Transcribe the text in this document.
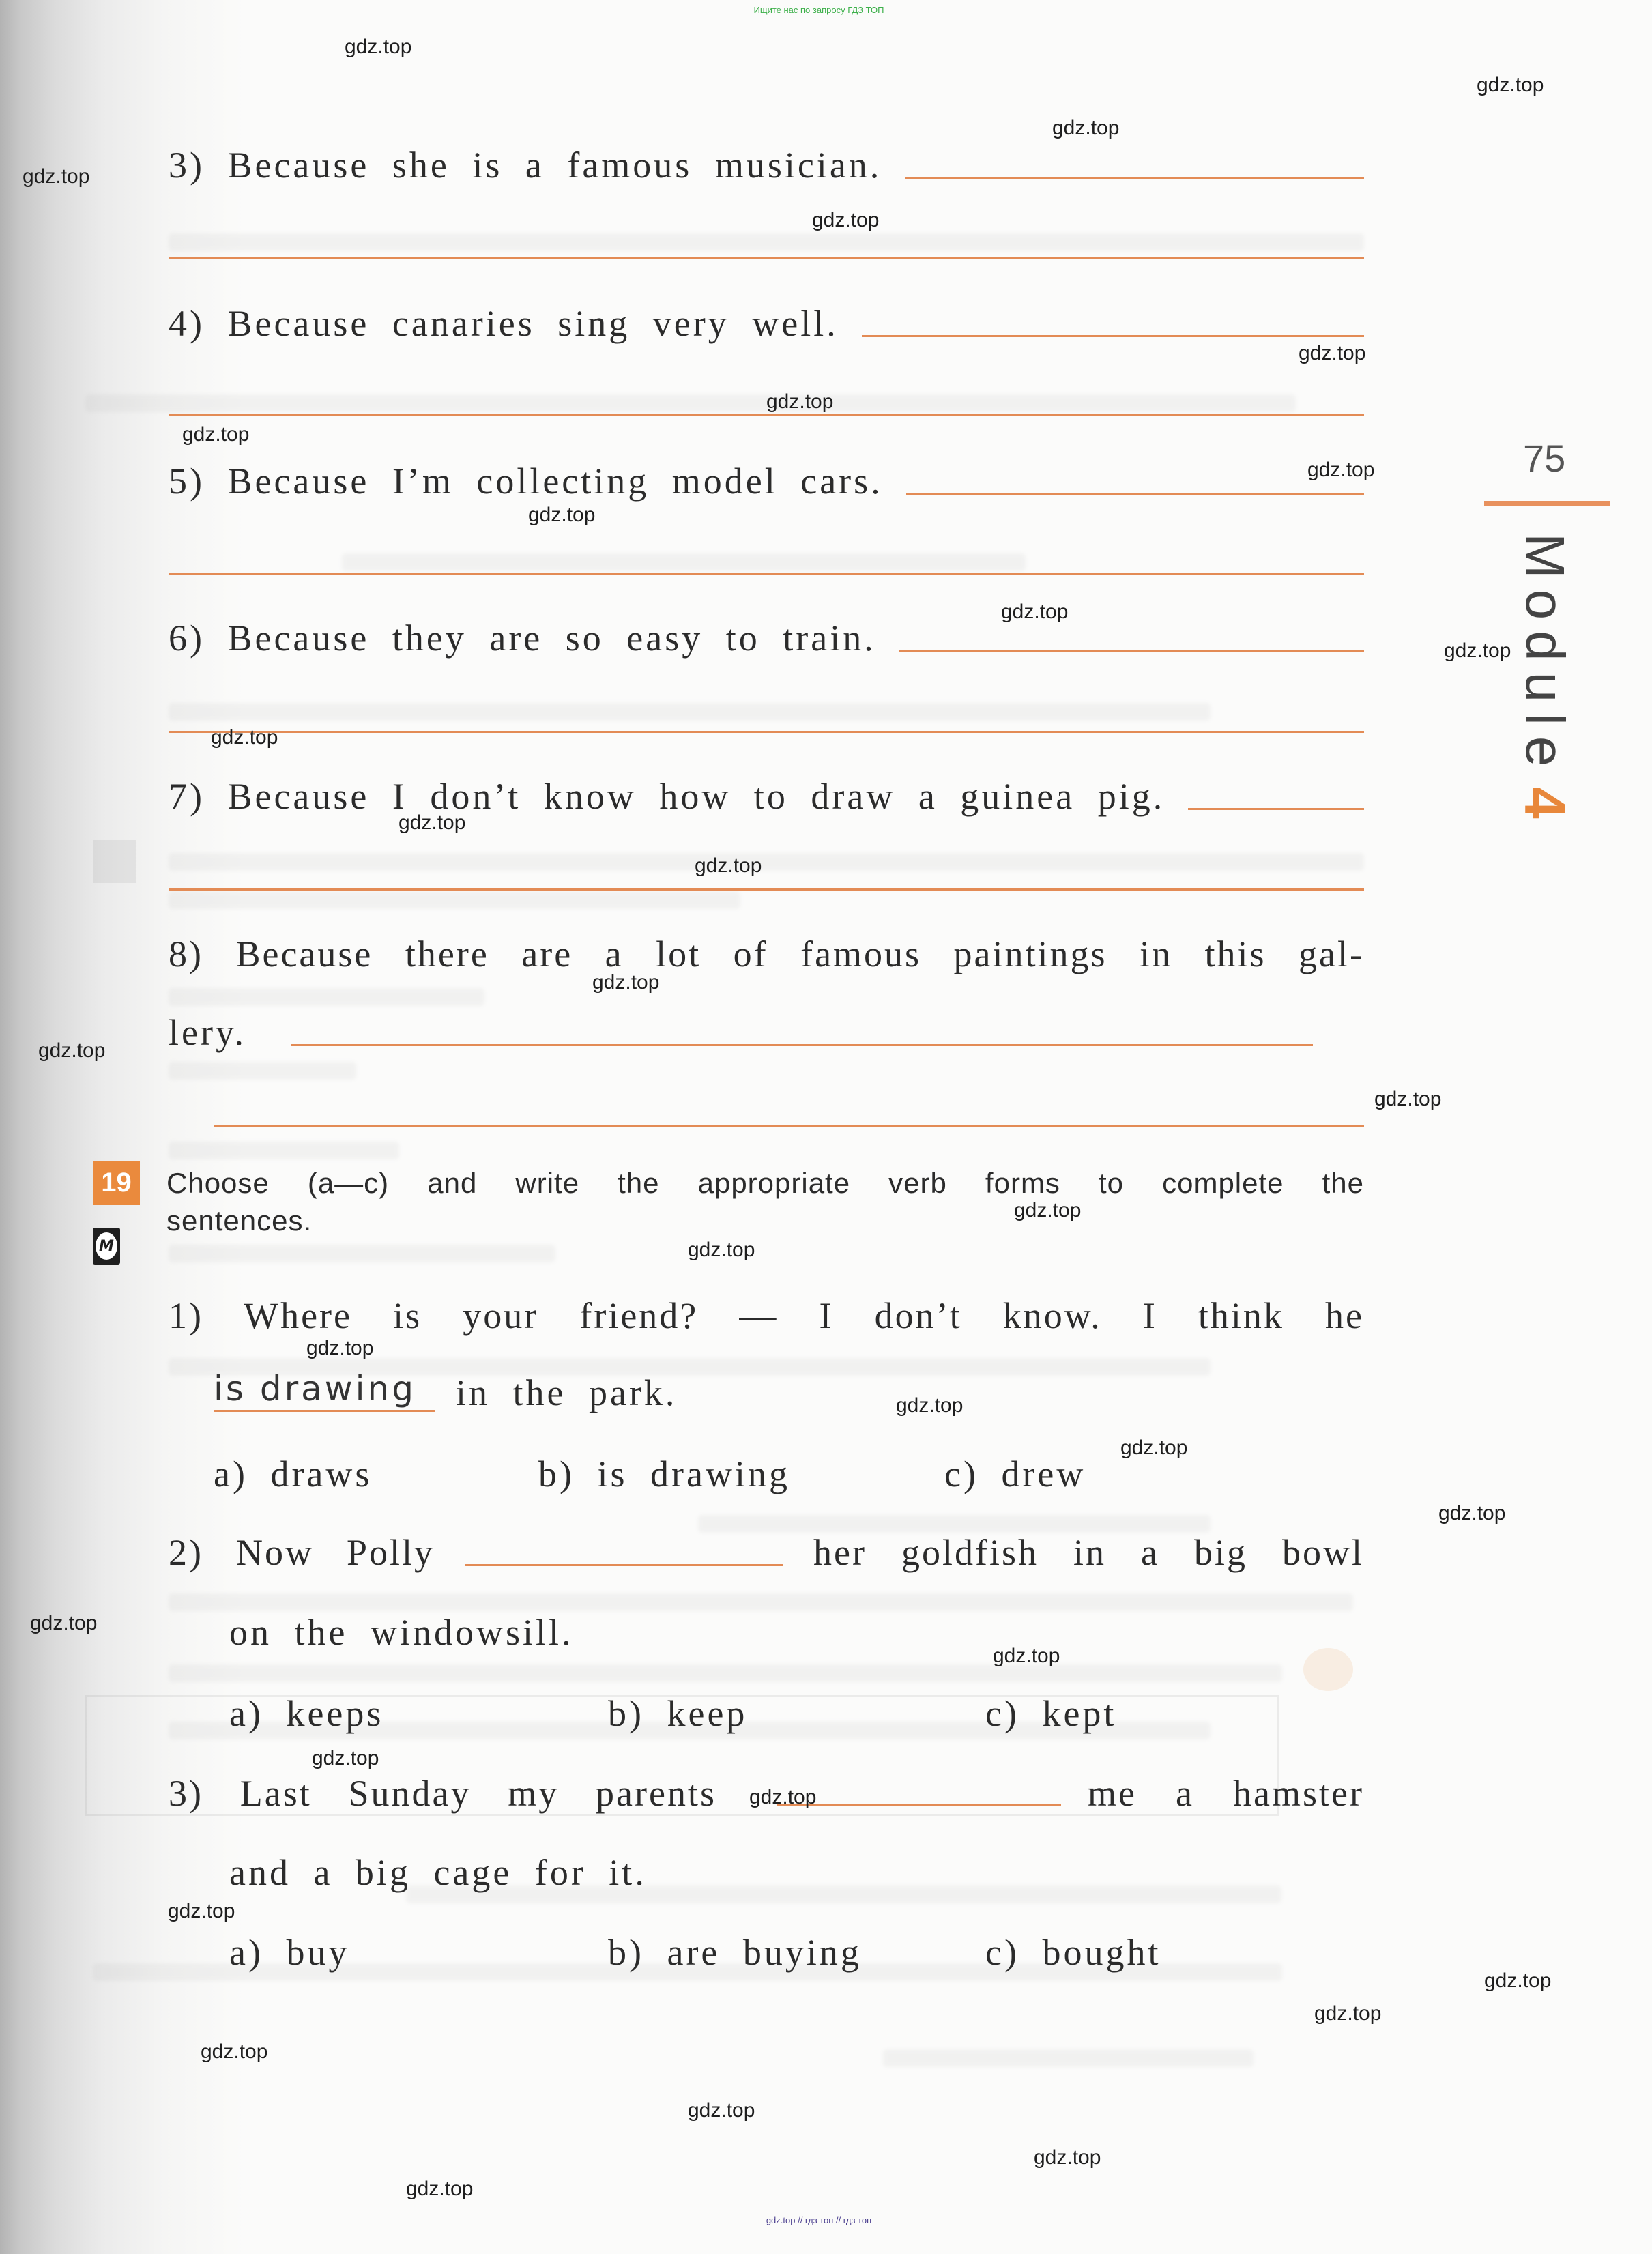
Ищите нас по запросу ГДЗ ТОП
3) Because she is a famous musician.
4) Because canaries sing very well.
5) Because I’m collecting model cars.
6) Because they are so easy to train.
7) Because I don’t know how to draw a guinea pig.
8) Because there are a lot of famous paintings in this gal-
lery.
19
M
Choose (a—c) and write the appropriate verb forms to complete the
sentences.
1) Where is your friend? — I don’t know. I think he
is drawing	in the park.
a) draws	b) is drawing	c) drew
2) Now Polly	her goldfish in a big bowl
on the windowsill.
a) keeps	b) keep	c) kept
3) Last Sunday my parents	me a hamster
and a big cage for it.
a) buy	b) are buying	c) bought
75
Module4
gdz.top
gdz.top
gdz.top
gdz.top
gdz.top
gdz.top
gdz.top
gdz.top
gdz.top
gdz.top
gdz.top
gdz.top
gdz.top
gdz.top
gdz.top
gdz.top
gdz.top
gdz.top
gdz.top
gdz.top
gdz.top
gdz.top
gdz.top
gdz.top
gdz.top
gdz.top
gdz.top
gdz.top
gdz.top
gdz.top
gdz.top
gdz.top
gdz.top
gdz.top
gdz.top
gdz.top // гдз топ // гдз топ
